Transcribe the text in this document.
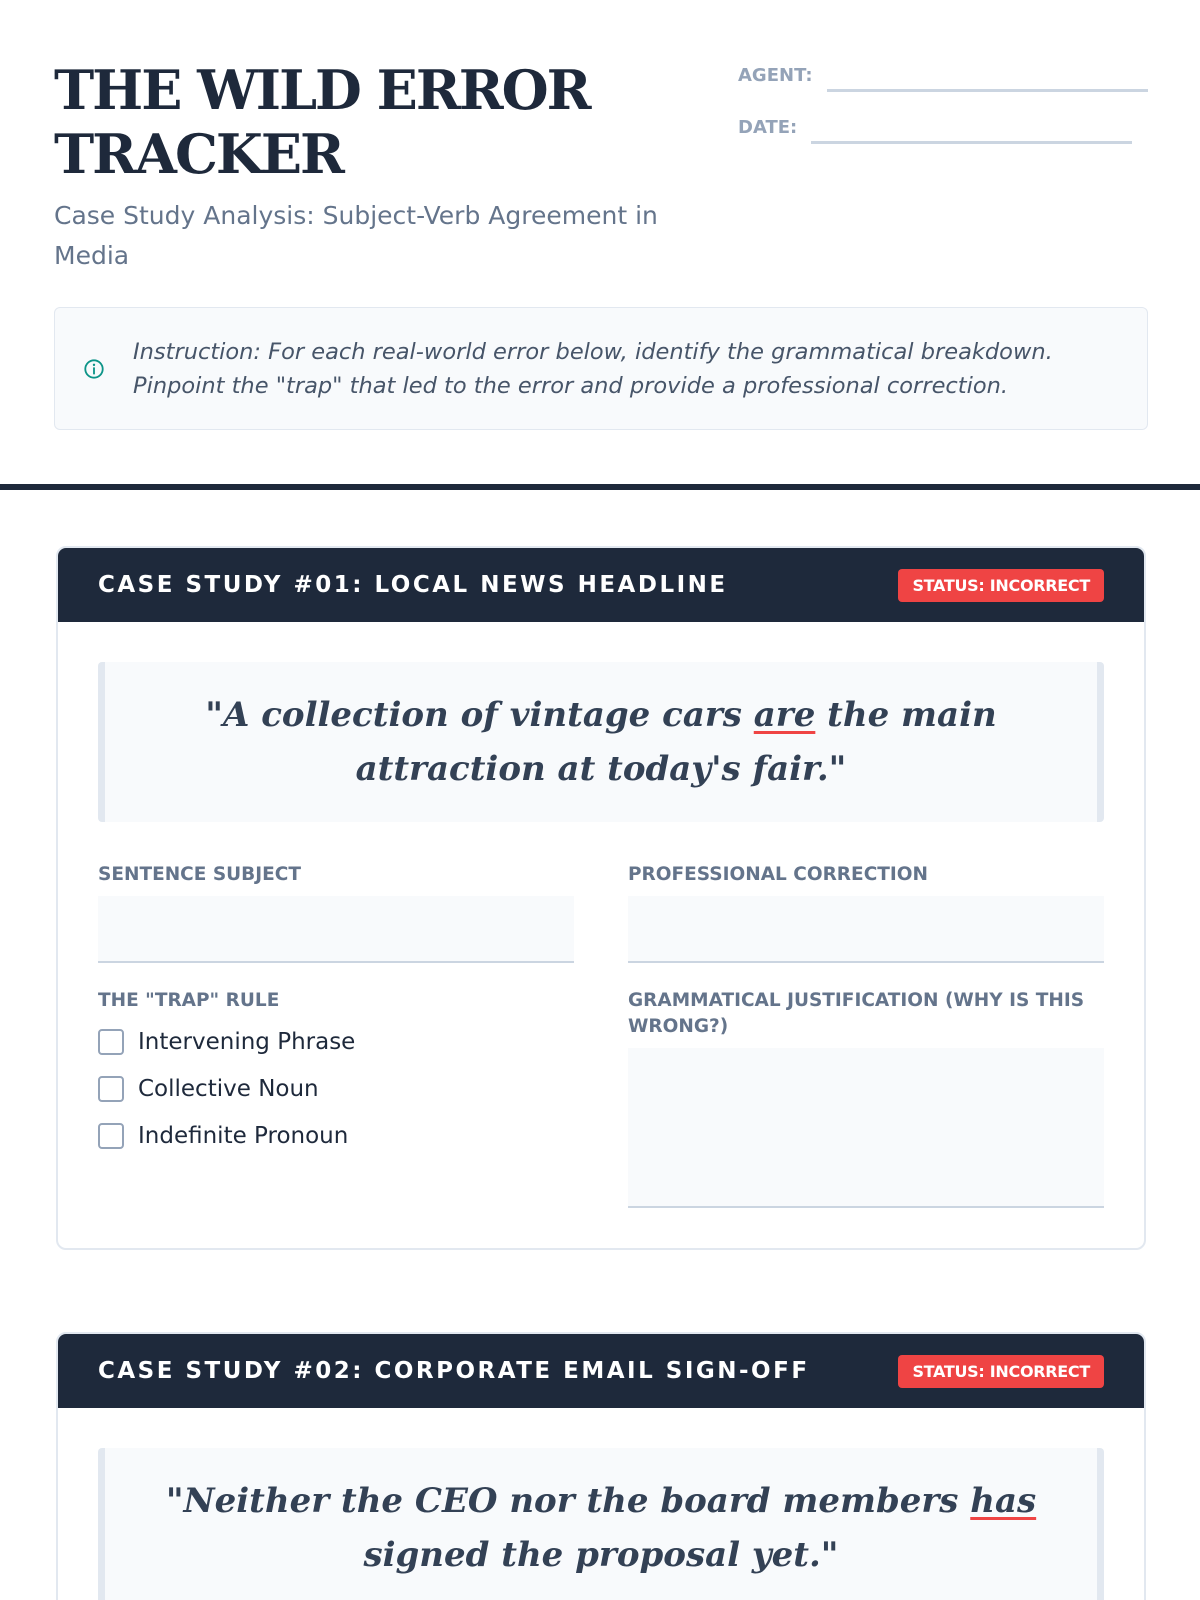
THE WILD ERROR TRACKER
Case Study Analysis: Subject-Verb Agreement in Media
AGENT:
DATE:
Instruction: For each real-world error below, identify the grammatical breakdown. Pinpoint the "trap" that led to the error and provide a professional correction.
CASE STUDY #01: LOCAL NEWS HEADLINE	STATUS: INCORRECT
"A collection of vintage cars are the main attraction at today's fair."
SENTENCE SUBJECT	PROFESSIONAL CORRECTION
THE "TRAP" RULE
Intervening Phrase
Collective Noun
Indefinite Pronoun
GRAMMATICAL JUSTIFICATION (WHY IS THIS WRONG?)
CASE STUDY #02: CORPORATE EMAIL SIGN-OFF	STATUS: INCORRECT
"Neither the CEO nor the board members has signed the proposal yet."
